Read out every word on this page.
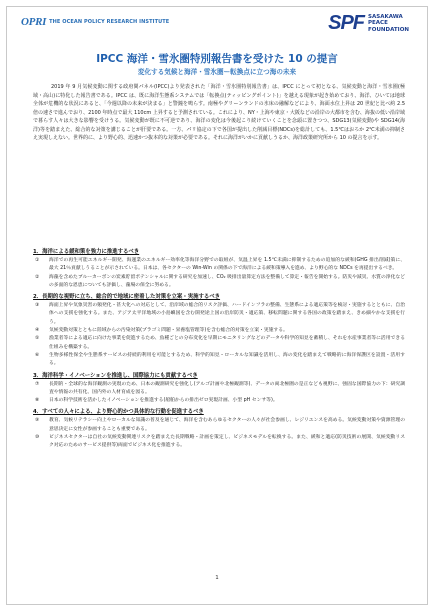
OPRI THE OCEAN POLICY RESEARCH INSTITUTE	SPF SASAKAWA
PEACE
FOUNDATION
IPCC 海洋・雪氷圏特別報告書を受けた 10 の提言
変化する気候と海洋・雪氷圏ー転換点に立つ海の未来
2019 年 9 月気候変動に関する政府間パネル(IPCC)より発表された「海洋・雪氷圏特別報告書」は、IPCC にとって初となる、気候変動と海洋・雪氷圏(極域・高山)に特化した報告書である。IPCC は、既に海洋生態系システムでは「転換点(ティッピングポイント)」を越える現象が起き始めており、海洋、ひいては地球全体が危機的な状況にあると、「今週以降の未来が決まる」と警鐘を鳴らす。南極やグリーンランドの氷床の融解などにより、海面水位上昇は 20 世紀と比べ約 2.5 倍の速さで進んでおり、2100 年時点で最大 110cm 上昇すると予測されている。これにより、NY・上海や東京・大阪などの沿岸の大都市を含む、海抜の低い沿岸域で暮らす人々は大きな影響を受けうる。気候変動が既に不可逆であり、海洋の変化は今後起こり続けていくことを念頭に置きつつ、SDG13(気候変動)や SDG14(海洋)等を踏まえた、総合的な対策を講じることが肝要である。一方、パリ協定の下で各国が提出した削減目標(NDCs)を総計しても、1.5℃はおろか 2℃未満の抑制さえ実現しえない。世界的に、より野心的、迅速かつ抜本的な対策が必要である。それに海洋がいかに貢献しうるか、海洋政策研究所から 10 の提言を示す。
1．海洋による緩和策を強力に推進するべき
①	海洋での再生可能エネルギー開発、海運業のエネルギー効率化等海洋分野での取組が、気温上昇を 1.5℃未満に抑制するための追加的な緩和(GHG 排出削減)策に、最大 21％貢献しうることが示されている。日本は、各セクターの Win-Win の関係の下で海洋による緩和策導入を進め、より野心的な NDCs を再提出するべき。
②	海藻を含めたブルーカーボンの炭素貯留ポテンシャルに関する研究を加速し、CO₂ 吸排出量算定方法を整備して算定・報告を開始する。防災や減災、水質の浄化などの多面的な恩恵についても評価し、藻場の保全に努める。
2．長期的な視野に立ち、総合的で地域に密着した対策を立案・実施するべき
③	海面上昇や気象災害の頻発化・甚大化への対応として、沿岸域の総合的リスク評価、ハードインフラの整備、生態系による適応策等を検討・実施するとともに、自治体への支援を強化する。また、アジア太平洋地域の小島嶼国を含む開発途上国の沿岸防災・適応策、移転問題に関する各国の政策を踏まえ、きめ細やかな支援を行う。
④	気候変動対策とともに陸域からの汚染対策(プラゴミ問題・栄養塩管理等)を含む総合的対策を立案・実施する。
⑤	漁業者等による適応に向けた事業を促進するため、魚種ごとの分布変化を早期にモニタリングなどのデータや科学的知見を蓄積し、それを水産事業者等に活用できる仕組みを構築する。
⑥	生物多様性保全や生態系サービスの持続的利用を可能とするため、科学的知見・ローカルな知識を活用し、海の変化を踏まえて戦略的に海洋保護区を設置・活用する。
3．海洋科学・イノベーションを推進し、国際協力にも貢献するべき
⑦	長期的・全球的な海洋観測の実現のため、日本の観測研究を強化し(アルゴ計画や北極観測等)、データの両北極圏の是正なども視野に、強固な国際協力の下：研究調査や情報の共有化、国内外の人材育成を図る。
⑧	日本の科学技術を活かしたイノベーションを推進する(船舶からの排出ゼロ実現計画、小型 pH センサ等)。
4．すべての人々による、より野心的かつ具体的な行動を促進するべき
⑨	教育、気候リテラシー向上やローカルな知識の普及を通じて、海洋を含むあらゆるセクターの人々が社会参画し、レジリエンスを高める。気候変動対策や資源管理の意思決定に女性が参画することも重要である。
⑩	ビジネスセクターは自社の気候変動関連リスクを踏まえた長期戦略・計画を策定し、ビジネスモデルを転換する。また、緩和と適応(防災技術の展開、気候変動リスク対応のためのサービス提供等)両面でビジネス化を推進する。
1
